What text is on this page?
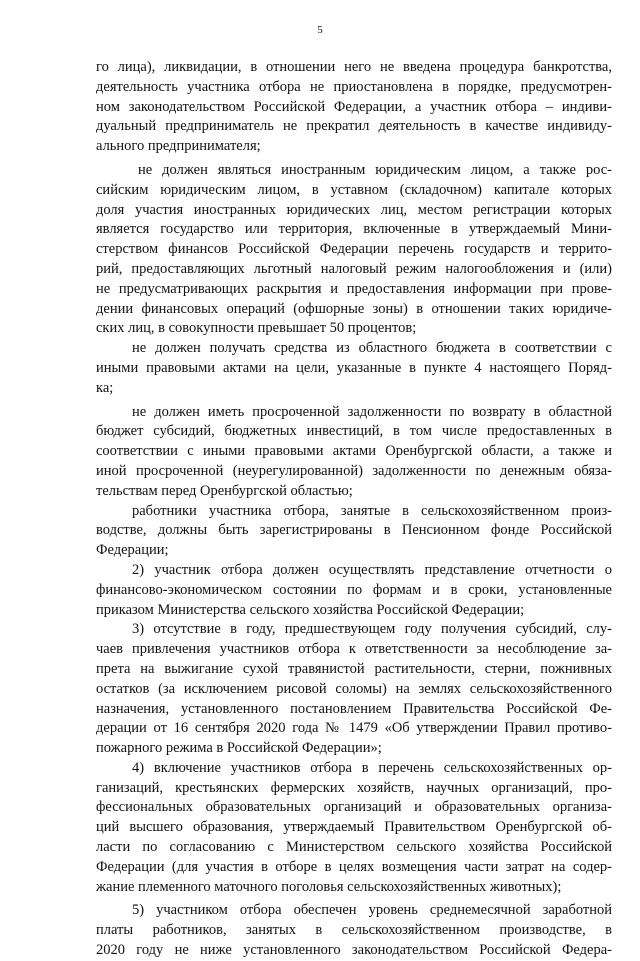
5
го лица), ликвидации, в отношении него не введена процедура банкротства,
деятельность участника отбора не приостановлена в порядке, предусмотрен-
ном законодательством Российской Федерации, а участник отбора – индиви-
дуальный предприниматель не прекратил деятельность в качестве индивиду-
ального предпринимателя;
не должен являться иностранным юридическим лицом, а также рос-
сийским юридическим лицом, в уставном (складочном) капитале которых
доля участия иностранных юридических лиц, местом регистрации которых
является государство или территория, включенные в утверждаемый Мини-
стерством финансов Российской Федерации перечень государств и террито-
рий, предоставляющих льготный налоговый режим налогообложения и (или)
не предусматривающих раскрытия и предоставления информации при прове-
дении финансовых операций (офшорные зоны) в отношении таких юридиче-
ских лиц, в совокупности превышает 50 процентов;
не должен получать средства из областного бюджета в соответствии с
иными правовыми актами на цели, указанные в пункте 4 настоящего Поряд-
ка;
не должен иметь просроченной задолженности по возврату в областной
бюджет субсидий, бюджетных инвестиций, в том числе предоставленных в
соответствии с иными правовыми актами Оренбургской области, а также и
иной просроченной (неурегулированной) задолженности по денежным обяза-
тельствам перед Оренбургской областью;
работники участника отбора, занятые в сельскохозяйственном произ-
водстве, должны быть зарегистрированы в Пенсионном фонде Российской
Федерации;
2) участник отбора должен осуществлять представление отчетности о
финансово-экономическом состоянии по формам и в сроки, установленные
приказом Министерства сельского хозяйства Российской Федерации;
3) отсутствие в году, предшествующем году получения субсидий, слу-
чаев привлечения участников отбора к ответственности за несоблюдение за-
прета на выжигание сухой травянистой растительности, стерни, пожнивных
остатков (за исключением рисовой соломы) на землях сельскохозяйственного
назначения, установленного постановлением Правительства Российской Фе-
дерации от 16 сентября 2020 года № 1479 «Об утверждении Правил противо-
пожарного режима в Российской Федерации»;
4) включение участников отбора в перечень сельскохозяйственных ор-
ганизаций, крестьянских фермерских хозяйств, научных организаций, про-
фессиональных образовательных организаций и образовательных организа-
ций высшего образования, утверждаемый Правительством Оренбургской об-
ласти по согласованию с Министерством сельского хозяйства Российской
Федерации (для участия в отборе в целях возмещения части затрат на содер-
жание племенного маточного поголовья сельскохозяйственных животных);
5) участником отбора обеспечен уровень среднемесячной заработной
платы работников, занятых в сельскохозяйственном производстве, в
2020 году не ниже установленного законодательством Российской Федера-
